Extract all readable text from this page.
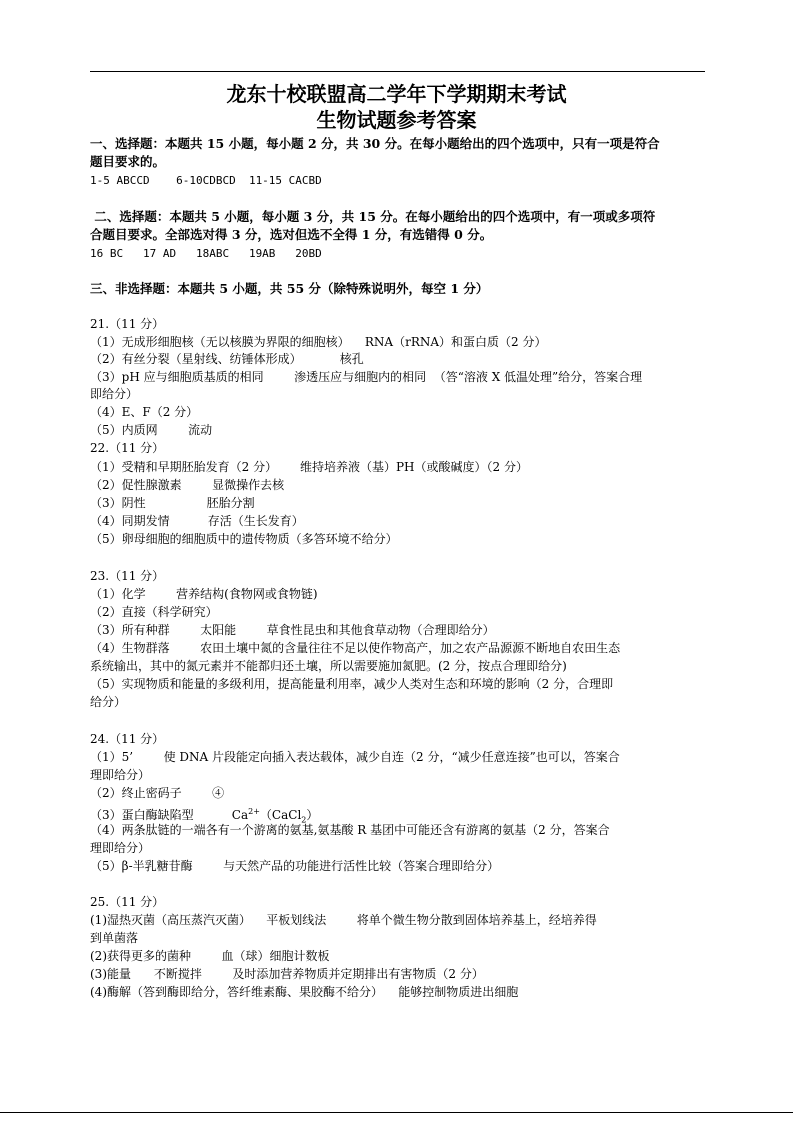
龙东十校联盟高二学年下学期期末考试
生物试题参考答案
一、选择题：本题共 15 小题，每小题 2 分，共 30 分。在每小题给出的四个选项中，只有一项是符合
题目要求的。
1-5 ABCCD    6-10CDBCD  11-15 CACBD
二、选择题：本题共 5 小题，每小题 3 分，共 15 分。在每小题给出的四个选项中，有一项或多项符
合题目要求。全部选对得 3 分，选对但选不全得 1 分，有选错得 0 分。
16 BC   17 AD   18ABC   19AB   20BD
三、非选择题：本题共 5 小题，共 55 分（除特殊说明外，每空 1 分）
21.（11 分）
（1）无成形细胞核（无以核膜为界限的细胞核）    RNA（rRNA）和蛋白质（2 分）
（2）有丝分裂（星射线、纺锤体形成）          核孔
（3）pH 应与细胞质基质的相同        渗透压应与细胞内的相同  （答“溶液 X 低温处理”给分，答案合理
即给分）
（4）E、F（2 分）
（5）内质网        流动
22.（11 分）
（1）受精和早期胚胎发育（2 分）      维持培养液（基）PH（或酸碱度）（2 分）
（2）促性腺激素        显微操作去核
（3）阴性                胚胎分割
（4）同期发情          存活（生长发育）
（5）卵母细胞的细胞质中的遗传物质（多答环境不给分）
23.（11 分）
（1）化学        营养结构(食物网或食物链)
（2）直接（科学研究）
（3）所有种群        太阳能        草食性昆虫和其他食草动物（合理即给分）
（4）生物群落        农田土壤中氮的含量往往不足以使作物高产，加之农产品源源不断地自农田生态
系统输出，其中的氮元素并不能都归还土壤，所以需要施加氮肥。(2 分，按点合理即给分)
（5）实现物质和能量的多级利用，提高能量利用率，减少人类对生态和环境的影响（2 分，合理即
给分）
24.（11 分）
（1）5’        使 DNA 片段能定向插入表达载体，减少自连（2 分，“减少任意连接”也可以，答案合
理即给分）
（2）终止密码子        ④
（3）蛋白酶缺陷型          $Ca^{2+}(CaCl_2)$
（4）两条肽链的一端各有一个游离的氨基,氨基酸 R 基团中可能还含有游离的氨基（2 分，答案合
理即给分）
（5）β-半乳糖苷酶        与天然产品的功能进行活性比较（答案合理即给分）
25.（11 分）
(1)湿热灭菌（高压蒸汽灭菌）    平板划线法        将单个微生物分散到固体培养基上，经培养得
到单菌落
(2)获得更多的菌种        血（球）细胞计数板
(3)能量      不断搅拌        及时添加营养物质并定期排出有害物质（2 分）
(4)酶解（答到酶即给分，答纤维素酶、果胶酶不给分）    能够控制物质进出细胞
